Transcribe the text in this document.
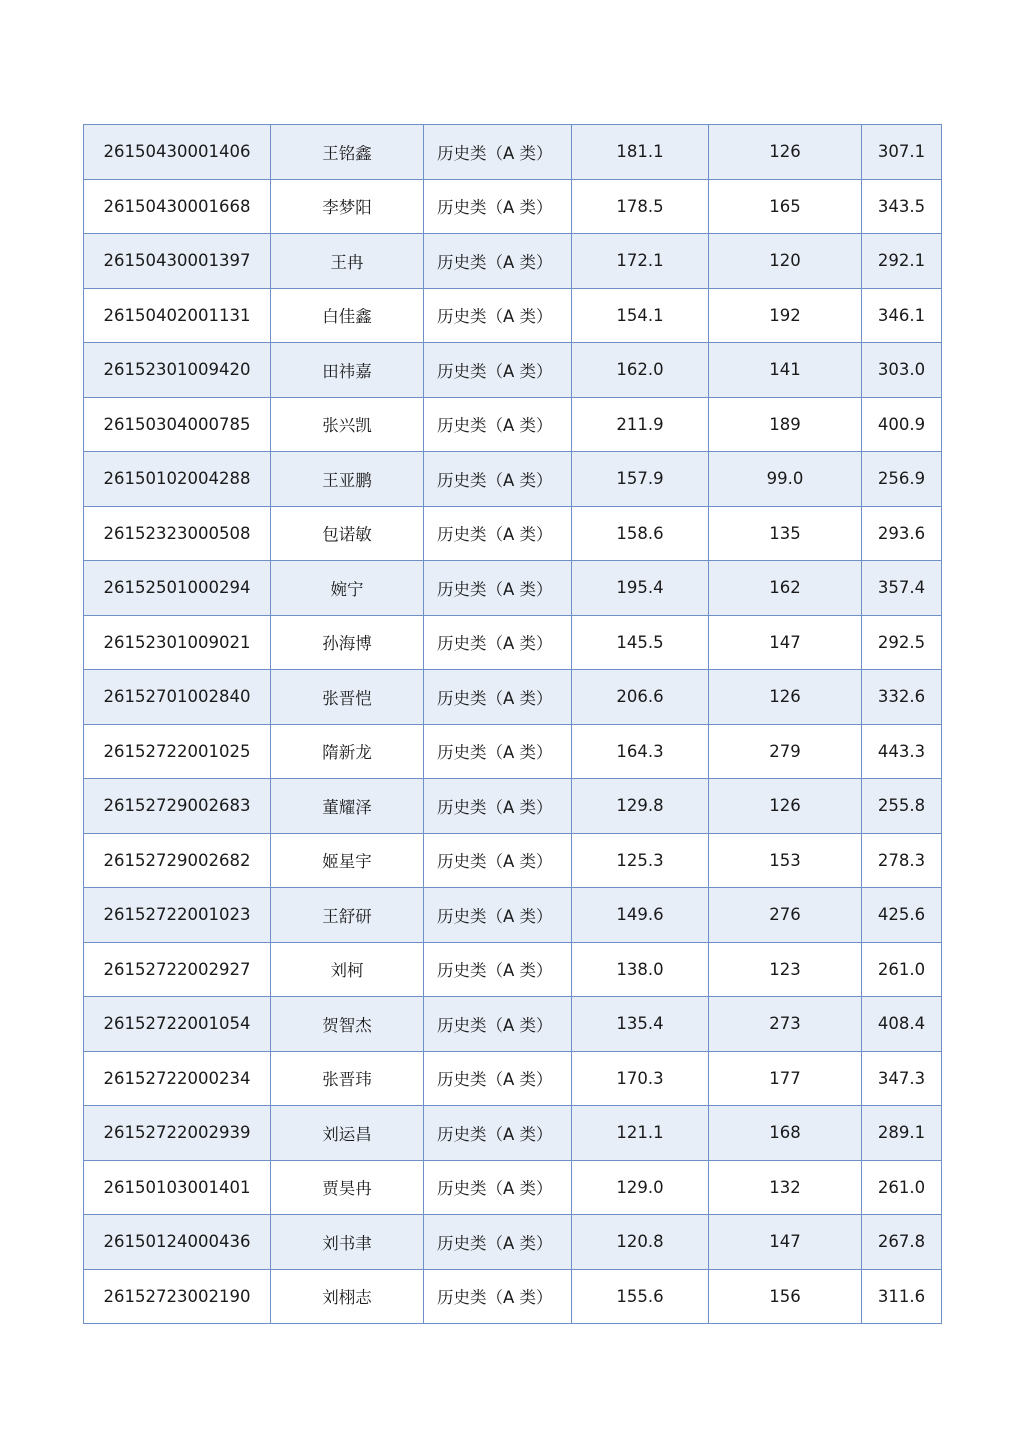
26150430001406	王铭鑫	历史类（A 类）	181.1	126	307.1
26150430001668	李梦阳	历史类（A 类）	178.5	165	343.5
26150430001397	王冉	历史类（A 类）	172.1	120	292.1
26150402001131	白佳鑫	历史类（A 类）	154.1	192	346.1
26152301009420	田祎嘉	历史类（A 类）	162.0	141	303.0
26150304000785	张兴凯	历史类（A 类）	211.9	189	400.9
26150102004288	王亚鹏	历史类（A 类）	157.9	99.0	256.9
26152323000508	包诺敏	历史类（A 类）	158.6	135	293.6
26152501000294	婉宁	历史类（A 类）	195.4	162	357.4
26152301009021	孙海博	历史类（A 类）	145.5	147	292.5
26152701002840	张晋恺	历史类（A 类）	206.6	126	332.6
26152722001025	隋新龙	历史类（A 类）	164.3	279	443.3
26152729002683	董耀泽	历史类（A 类）	129.8	126	255.8
26152729002682	姬星宇	历史类（A 类）	125.3	153	278.3
26152722001023	王舒研	历史类（A 类）	149.6	276	425.6
26152722002927	刘柯	历史类（A 类）	138.0	123	261.0
26152722001054	贺智杰	历史类（A 类）	135.4	273	408.4
26152722000234	张晋玮	历史类（A 类）	170.3	177	347.3
26152722002939	刘运昌	历史类（A 类）	121.1	168	289.1
26150103001401	贾昊冉	历史类（A 类）	129.0	132	261.0
26150124000436	刘书聿	历史类（A 类）	120.8	147	267.8
26152723002190	刘栩志	历史类（A 类）	155.6	156	311.6
